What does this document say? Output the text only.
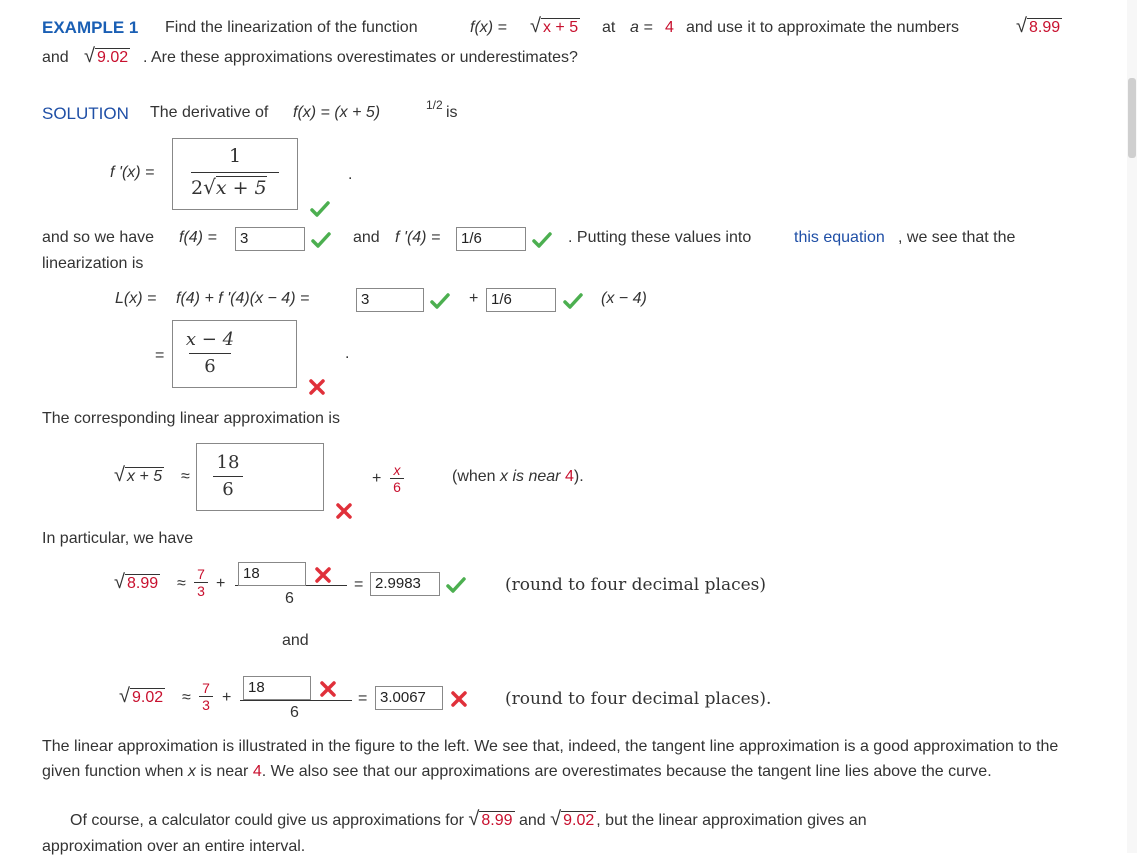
EXAMPLE 1 Find the linearization of the function	f(x) = √ x + 5 at a = 4 and use it to approximate the numbers	√ 8.99
and √ 9.02 . Are these approximations overestimates or underestimates?
SOLUTION The derivative of f(x) = (x + 5)	1/2 is
f '(x) =
1
2√x + 5
.
and so we have f(4) =	3	and f '(4) =	1/6	. Putting these values into	this equation , we see that the
linearization is
L(x) = f(4) + f '(4)(x − 4) =	3	+ 1/6	(x − 4)
=
x − 4
6
.
The corresponding linear approximation is
√ x + 5 ≈
18
6
+ x
6
(when x is near 4).
In particular, we have
√ 8.99 ≈
7
3 +
18
6
= 2.9983	(round to four decimal places)
and
√ 9.02 ≈
7
3 +
18
6
= 3.0067	(round to four decimal places).
The linear approximation is illustrated in the figure to the left. We see that, indeed, the tangent line approximation is a good approximation to the given function when x is near 4. We also see that our approximations are overestimates because the tangent line lies above the curve.
Of course, a calculator could give us approximations for √ 8.99 and √ 9.02 , but the linear approximation gives an
approximation over an entire interval.
